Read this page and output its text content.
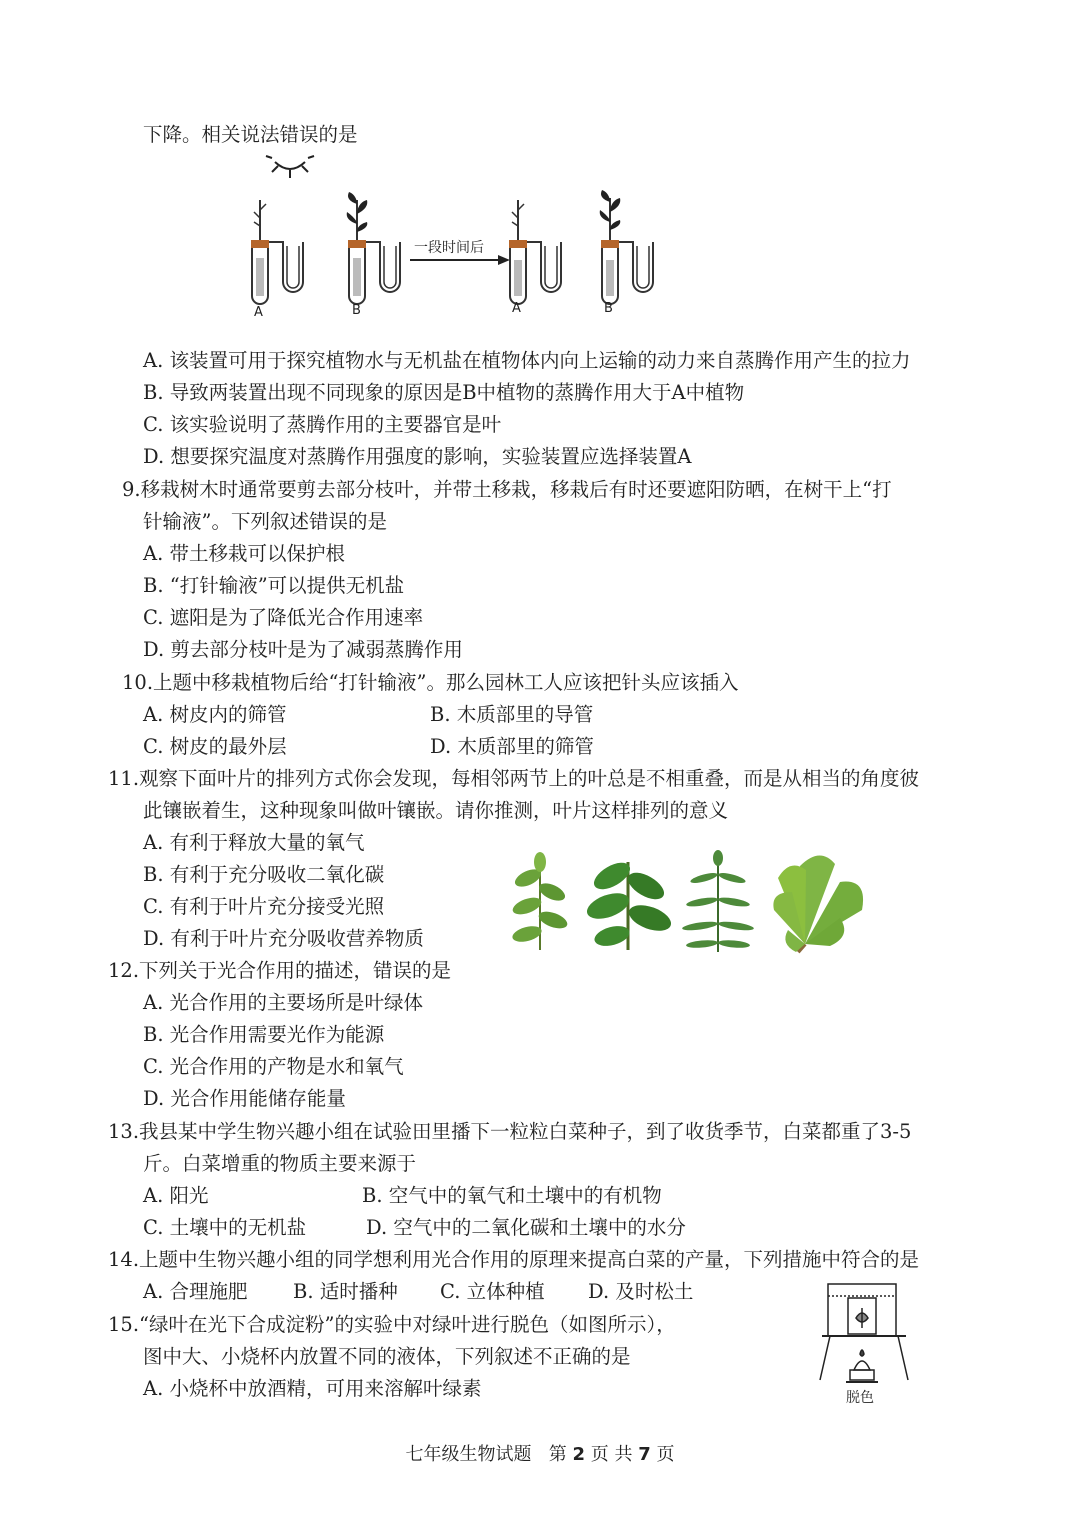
下降。相关说法错误的是
一段时间后
A	B	A	B
A. 该装置可用于探究植物水与无机盐在植物体内向上运输的动力来自蒸腾作用产生的拉力
B. 导致两装置出现不同现象的原因是B中植物的蒸腾作用大于A中植物
C. 该实验说明了蒸腾作用的主要器官是叶
D. 想要探究温度对蒸腾作用强度的影响，实验装置应选择装置A
9.移栽树木时通常要剪去部分枝叶，并带土移栽，移栽后有时还要遮阳防晒，在树干上“打
针输液”。下列叙述错误的是
A. 带土移栽可以保护根
B. “打针输液”可以提供无机盐
C. 遮阳是为了降低光合作用速率
D. 剪去部分枝叶是为了减弱蒸腾作用
10.上题中移栽植物后给“打针输液”。那么园林工人应该把针头应该插入
A. 树皮内的筛管	B. 木质部里的导管
C. 树皮的最外层	D. 木质部里的筛管
11.观察下面叶片的排列方式你会发现，每相邻两节上的叶总是不相重叠，而是从相当的角度彼
此镶嵌着生，这种现象叫做叶镶嵌。请你推测，叶片这样排列的意义
A. 有利于释放大量的氧气
B. 有利于充分吸收二氧化碳
C. 有利于叶片充分接受光照
D. 有利于叶片充分吸收营养物质
12.下列关于光合作用的描述，错误的是
A. 光合作用的主要场所是叶绿体
B. 光合作用需要光作为能源
C. 光合作用的产物是水和氧气
D. 光合作用能储存能量
13.我县某中学生物兴趣小组在试验田里播下一粒粒白菜种子，到了收货季节，白菜都重了3-5
斤。白菜增重的物质主要来源于
A. 阳光	B. 空气中的氧气和土壤中的有机物
C. 土壤中的无机盐	D. 空气中的二氧化碳和土壤中的水分
14.上题中生物兴趣小组的同学想利用光合作用的原理来提高白菜的产量，下列措施中符合的是
A. 合理施肥 B. 适时播种 C. 立体种植 D. 及时松土
15.“绿叶在光下合成淀粉”的实验中对绿叶进行脱色（如图所示），
图中大、小烧杯内放置不同的液体，下列叙述不正确的是
A. 小烧杯中放酒精，可用来溶解叶绿素	脱色
七年级生物试题 第 2 页 共 7 页
